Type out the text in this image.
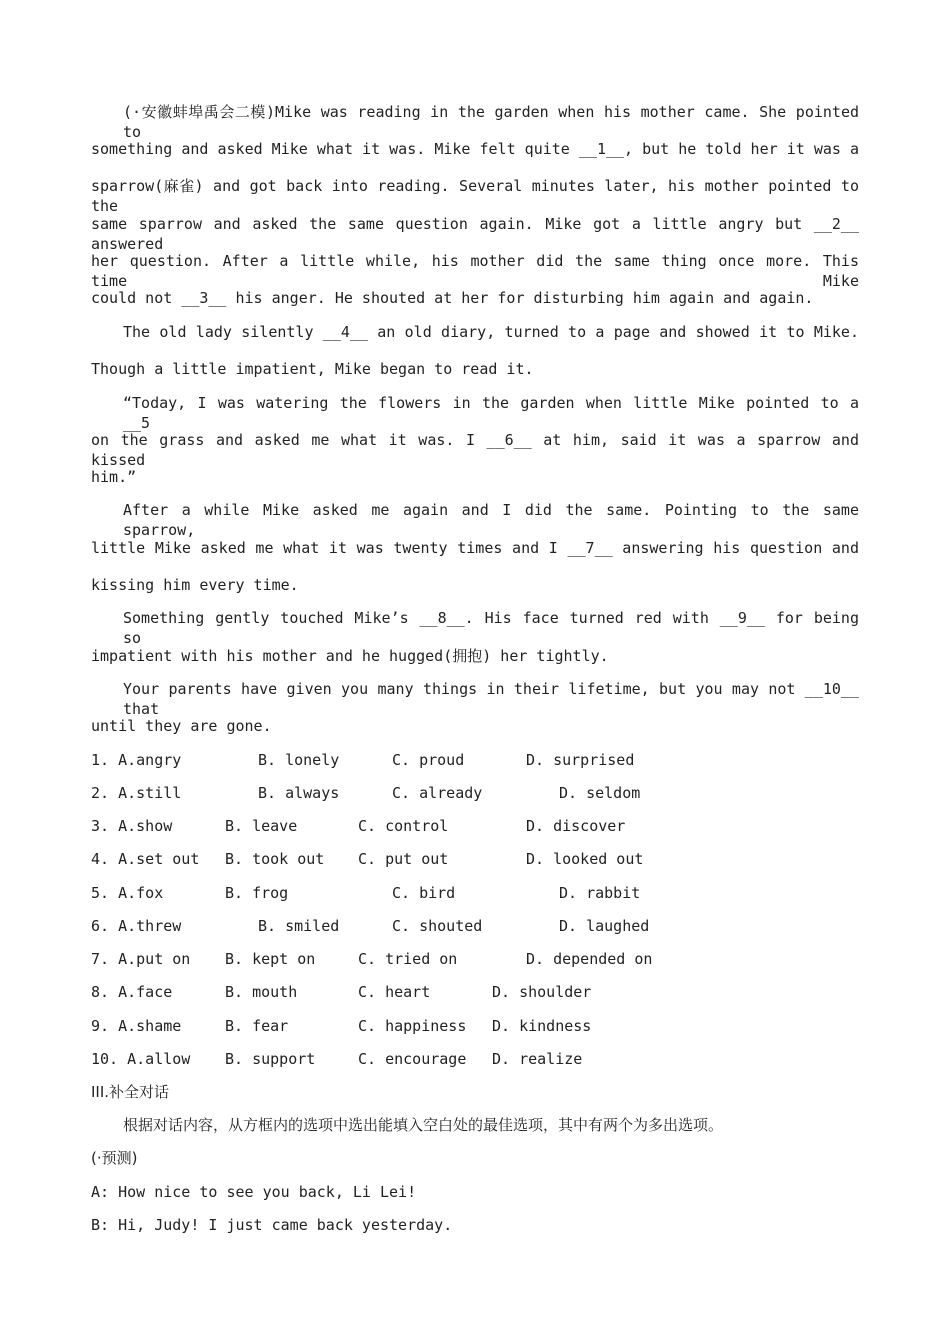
(·安徽蚌埠禹会二模)Mike was reading in the garden when his mother came. She pointed to
something and asked Mike what it was. Mike felt quite __1__, but he told her it was a
sparrow(麻雀) and got back into reading. Several minutes later, his mother pointed to the
same sparrow and asked the same question again. Mike got a little angry but __2__ answered
her question. After a little while, his mother did the same thing once more. This time Mike
could not __3__ his anger. He shouted at her for disturbing him again and again.
The old lady silently __4__ an old diary, turned to a page and showed it to Mike.
Though a little impatient, Mike began to read it.
“Today, I was watering the flowers in the garden when little Mike pointed to a __5
on the grass and asked me what it was. I __6__ at him, said it was a sparrow and kissed
him.”
After a while Mike asked me again and I did the same. Pointing to the same sparrow,
little Mike asked me what it was twenty times and I __7__ answering his question and
kissing him every time.
Something gently touched Mike’s __8__. His face turned red with __9__ for being so
impatient with his mother and he hugged(拥抱) her tightly.
Your parents have given you many things in their lifetime, but you may not __10__ that
until they are gone.
1. A.angry	B. lonely	C. proud	D. surprised
2. A.still	B. always	C. already	D. seldom
3. A.show	B. leave	C. control	D. discover
4. A.set out B. took out C. put out	D. looked out
5. A.fox	B. frog	C. bird	D. rabbit
6. A.threw	B. smiled	C. shouted	D. laughed
7. A.put on B. kept on	C. tried on	D. depended on
8. A.face	B. mouth	C. heart	D. shoulder
9. A.shame	B. fear	C. happiness D. kindness
10. A.allow B. support	C. encourage D. realize
III.补全对话
根据对话内容，从方框内的选项中选出能填入空白处的最佳选项，其中有两个为多出选项。
(·预测)
A: How nice to see you back, Li Lei!
B: Hi, Judy! I just came back yesterday.
